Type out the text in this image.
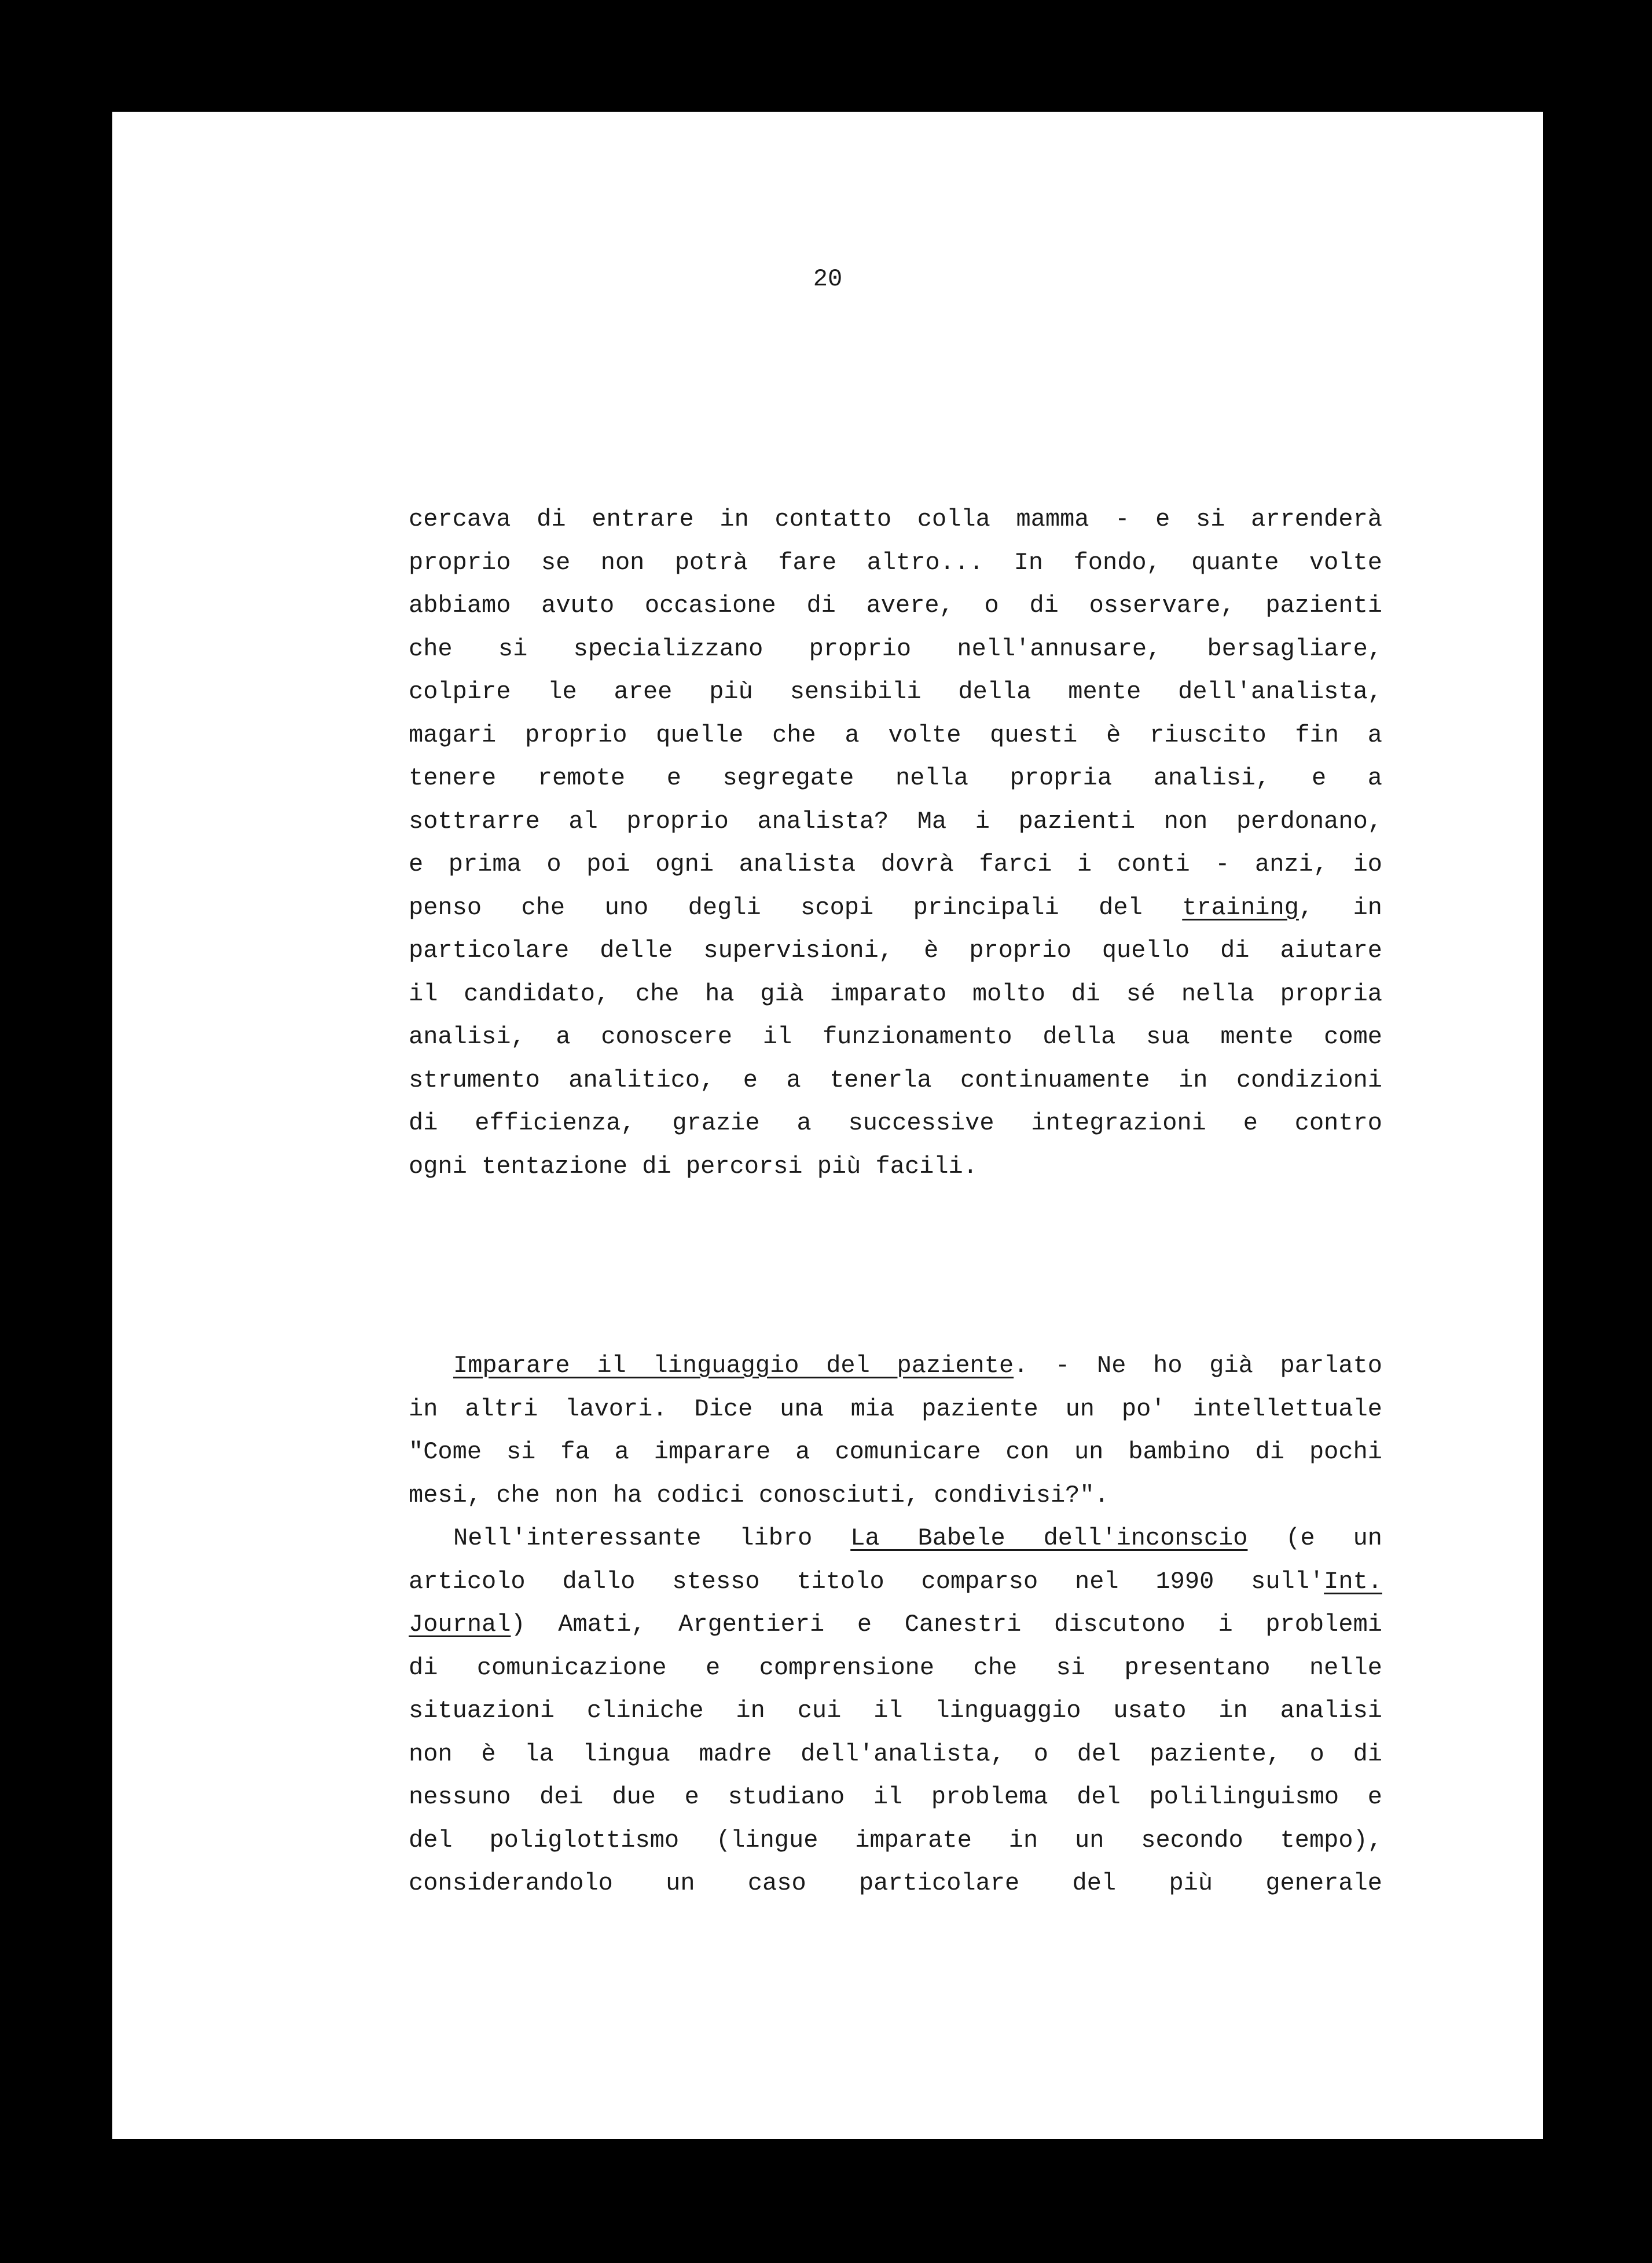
20
cercava di entrare in contatto colla mamma - e si arrenderà
proprio se non potrà fare altro... In fondo, quante volte
abbiamo avuto occasione di avere, o di osservare, pazienti
che si specializzano proprio nell'annusare, bersagliare,
colpire le aree più sensibili della mente dell'analista,
magari proprio quelle che a volte questi è riuscito fin a
tenere remote e segregate nella propria analisi, e a
sottrarre al proprio analista? Ma i pazienti non perdonano,
e prima o poi ogni analista dovrà farci i conti - anzi, io
penso che uno degli scopi principali del training, in
particolare delle supervisioni, è proprio quello di aiutare
il candidato, che ha già imparato molto di sé nella propria
analisi, a conoscere il funzionamento della sua mente come
strumento analitico, e a tenerla continuamente in condizioni
di efficienza, grazie a successive integrazioni e contro
ogni tentazione di percorsi più facili.
Imparare il linguaggio del paziente. - Ne ho già parlato
in altri lavori. Dice una mia paziente un po' intellettuale
"Come si fa a imparare a comunicare con un bambino di pochi
mesi, che non ha codici conosciuti, condivisi?".
Nell'interessante libro La Babele dell'inconscio (e un
articolo dallo stesso titolo comparso nel 1990 sull'Int.
Journal) Amati, Argentieri e Canestri discutono i problemi
di comunicazione e comprensione che si presentano nelle
situazioni cliniche in cui il linguaggio usato in analisi
non è la lingua madre dell'analista, o del paziente, o di
nessuno dei due e studiano il problema del polilinguismo e
del poliglottismo (lingue imparate in un secondo tempo),
considerandolo un caso particolare del più generale
